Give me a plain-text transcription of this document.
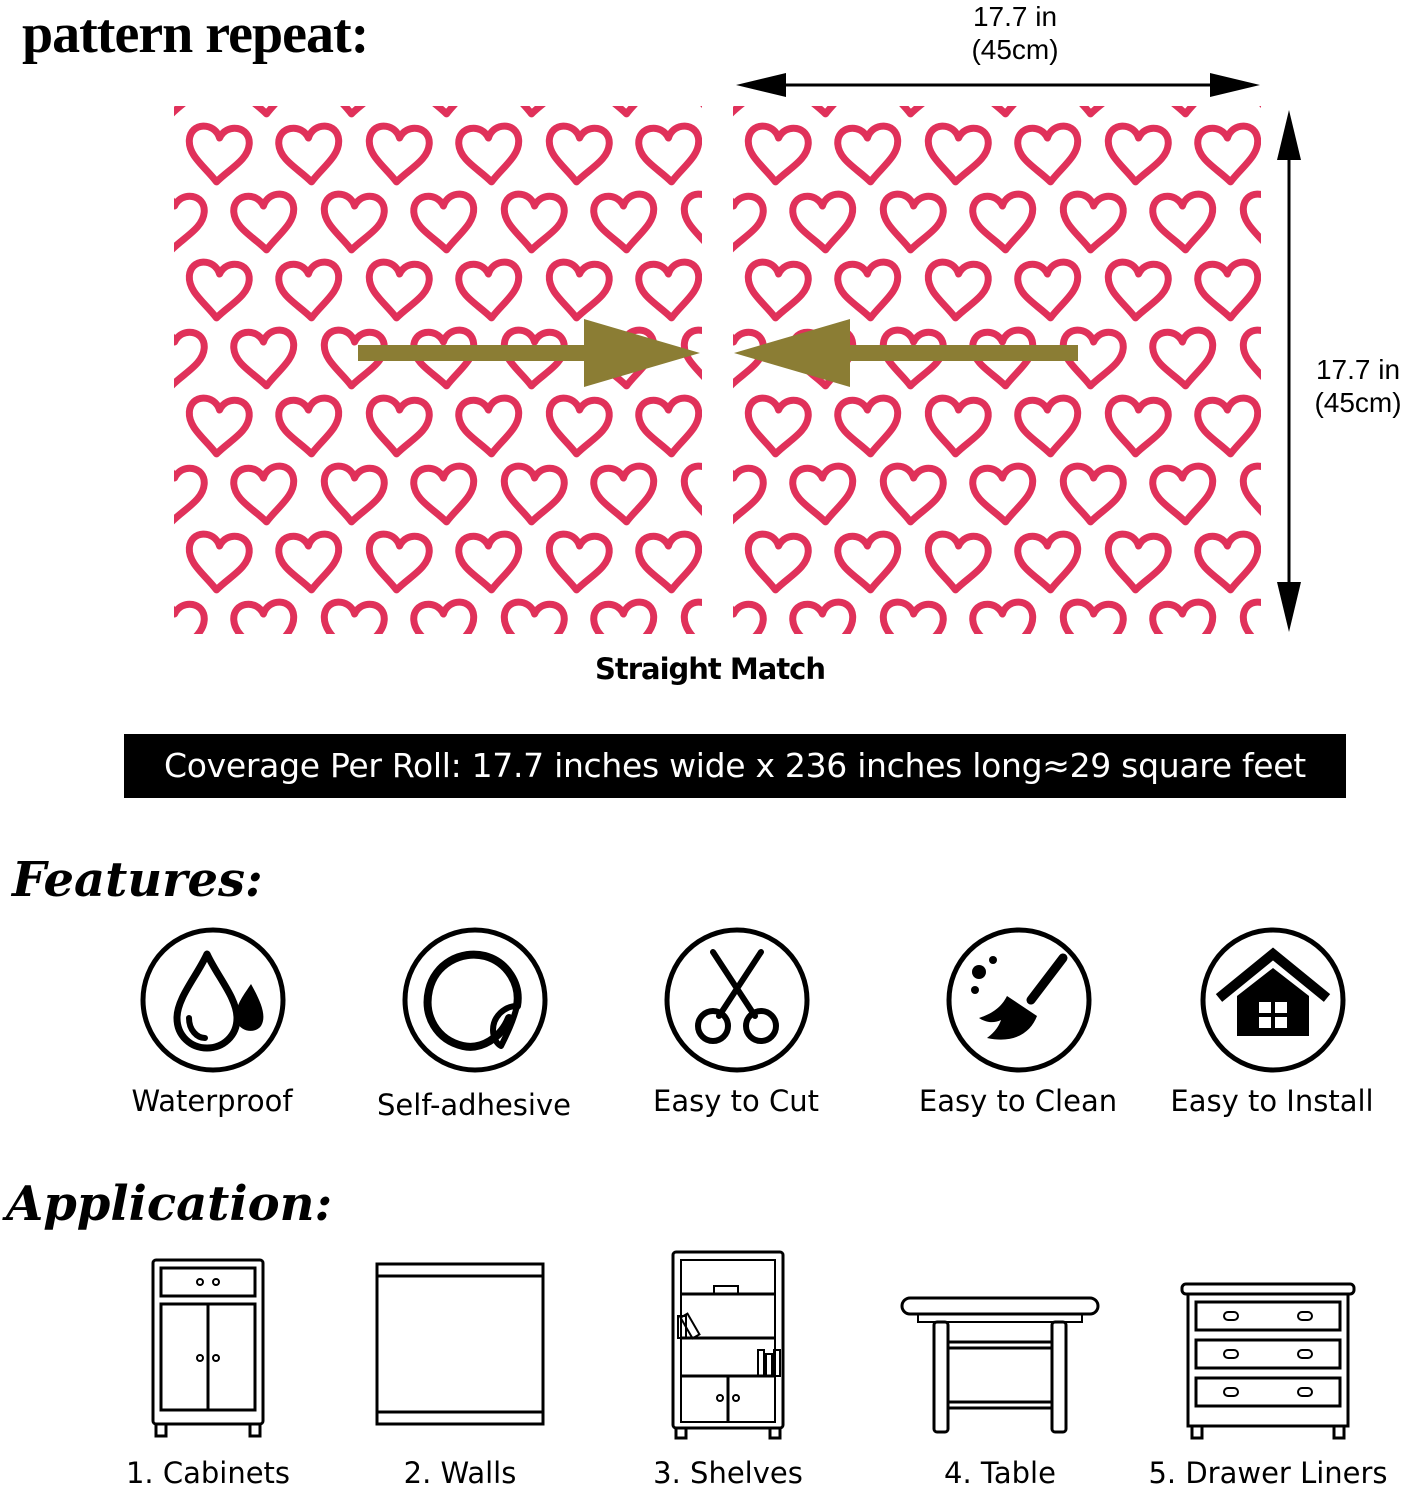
pattern repeat:	17.7 in
(45cm)
17.7 in
(45cm)
Straight Match
Coverage Per Roll: 17.7 inches wide x 236 inches long≈29 square feet
Features:
Waterproof	Self-adhesive	Easy to Cut	Easy to Clean	Easy to Install
Application:
1. Cabinets	2. Walls	3. Shelves	4. Table	5. Drawer Liners
